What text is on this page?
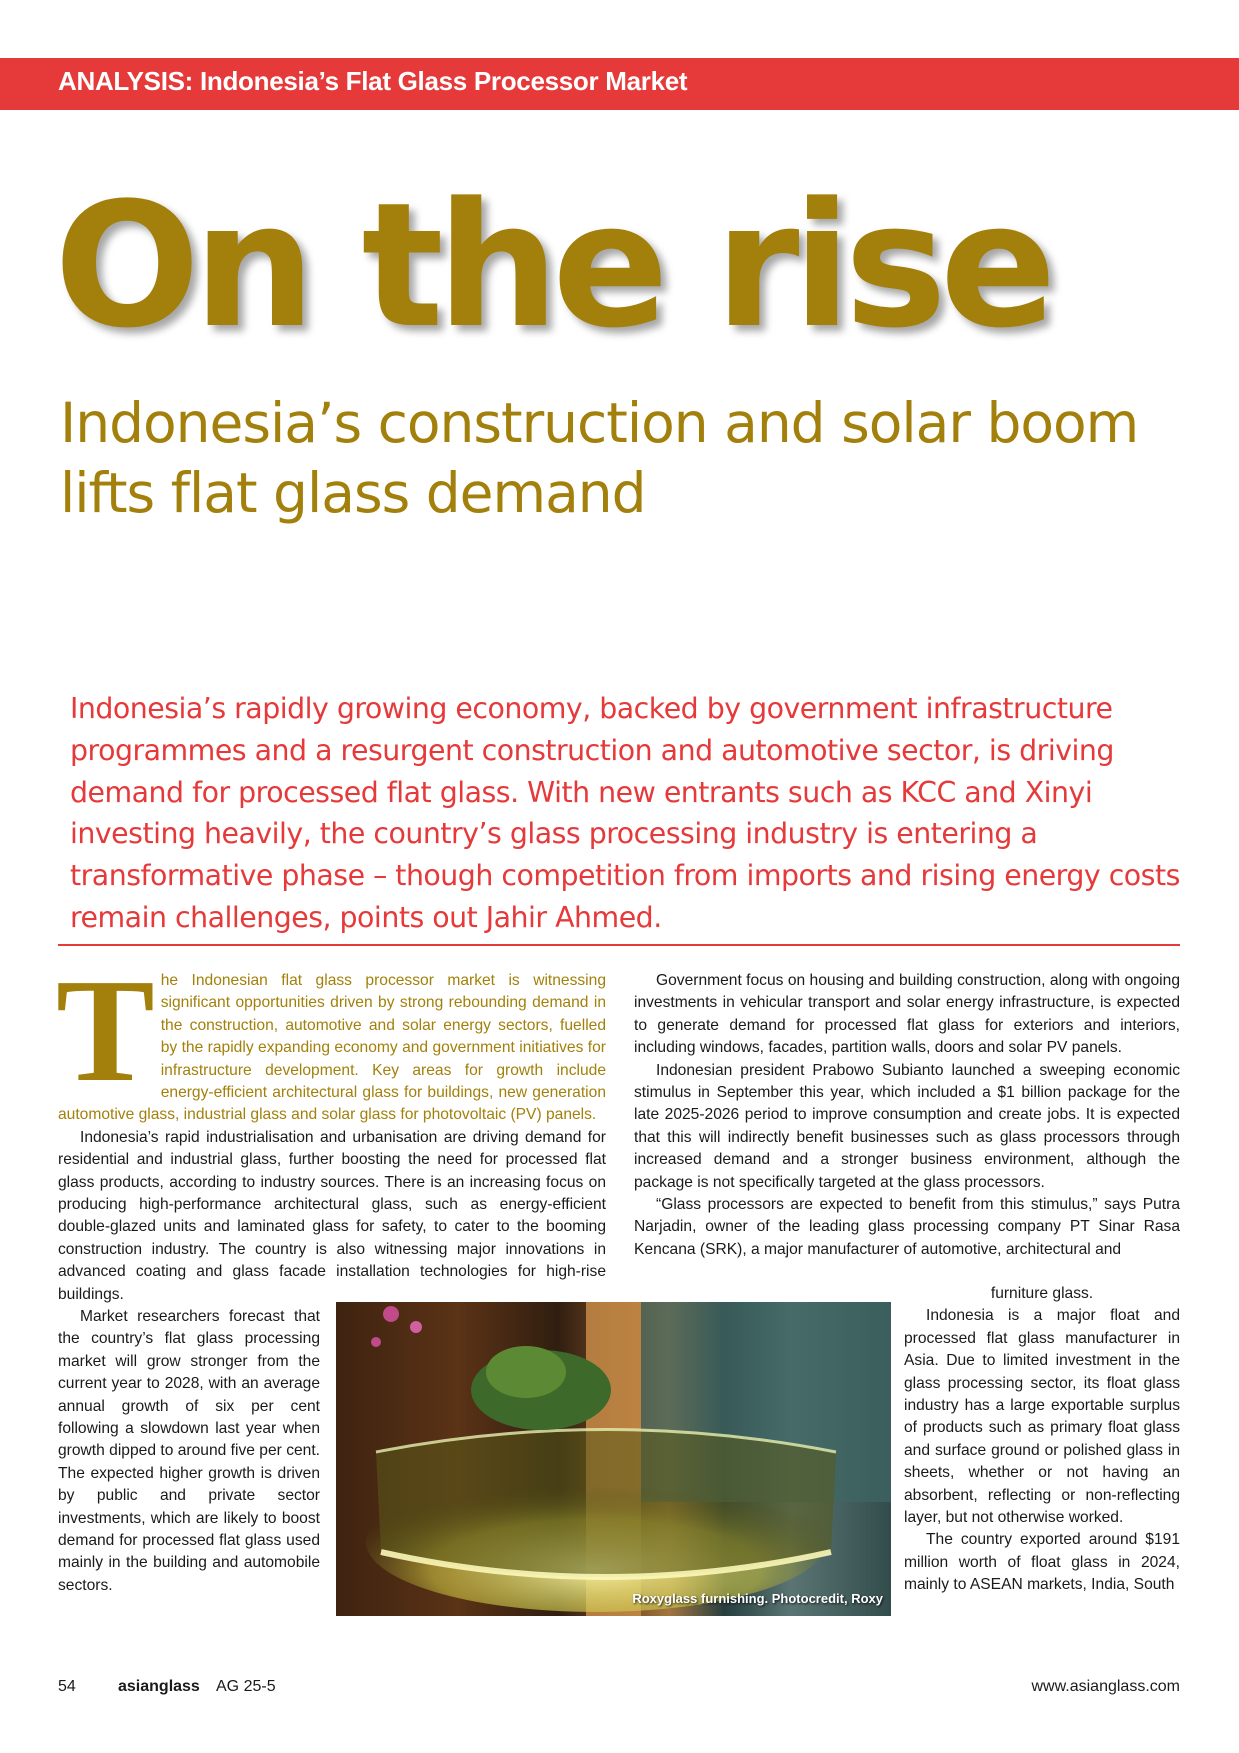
ANALYSIS: Indonesia’s Flat Glass Processor Market
On the rise
Indonesia’s construction and solar boom lifts flat glass demand

Indonesia’s rapidly growing economy, backed by government infrastructure programmes and a resurgent construction and automotive sector, is driving demand for processed flat glass. With new entrants such as KCC and Xinyi investing heavily, the country’s glass processing industry is entering a transformative phase – though competition from imports and rising energy costs remain challenges, points out Jahir Ahmed.

The Indonesian flat glass processor market is witnessing significant opportunities driven by strong rebounding demand in the construction, automotive and solar energy sectors, fuelled by the rapidly expanding economy and government initiatives for infrastructure development. Key areas for growth include energy-efficient architectural glass for buildings, new generation automotive glass, industrial glass and solar glass for photovoltaic (PV) panels.

Indonesia’s rapid industrialisation and urbanisation are driving demand for residential and industrial glass, further boosting the need for processed flat glass products, according to industry sources. There is an increasing focus on producing high-performance architectural glass, such as energy-efficient double-glazed units and laminated glass for safety, to cater to the booming construction industry. The country is also witnessing major innovations in advanced coating and glass facade installation technologies for high-rise buildings.

Market researchers forecast that the country’s flat glass processing market will grow stronger from the current year to 2028, with an average annual growth of six per cent following a slowdown last year when growth dipped to around five per cent. The expected higher growth is driven by public and private sector investments, which are likely to boost demand for processed flat glass used mainly in the building and automobile sectors.

Government focus on housing and building construction, along with ongoing investments in vehicular transport and solar energy infrastructure, is expected to generate demand for processed flat glass for exteriors and interiors, including windows, facades, partition walls, doors and solar PV panels.

Indonesian president Prabowo Subianto launched a sweeping economic stimulus in September this year, which included a $1 billion package for the late 2025-2026 period to improve consumption and create jobs. It is expected that this will indirectly benefit businesses such as glass processors through increased demand and a stronger business environment, although the package is not specifically targeted at the glass processors.

“Glass processors are expected to benefit from this stimulus,” says Putra Narjadin, owner of the leading glass processing company PT Sinar Rasa Kencana (SRK), a major manufacturer of automotive, architectural and

furniture glass.

Indonesia is a major float and processed flat glass manufacturer in Asia. Due to limited investment in the glass processing sector, its float glass industry has a large exportable surplus of products such as primary float glass and surface ground or polished glass in sheets, whether or not having an absorbent, reflecting or non-reflecting layer, but not otherwise worked.

The country exported around $191 million worth of float glass in 2024, mainly to ASEAN markets, India, South

Roxyglass furnishing. Photocredit, Roxy
54	asianglass AG 25-5	www.asianglass.com
